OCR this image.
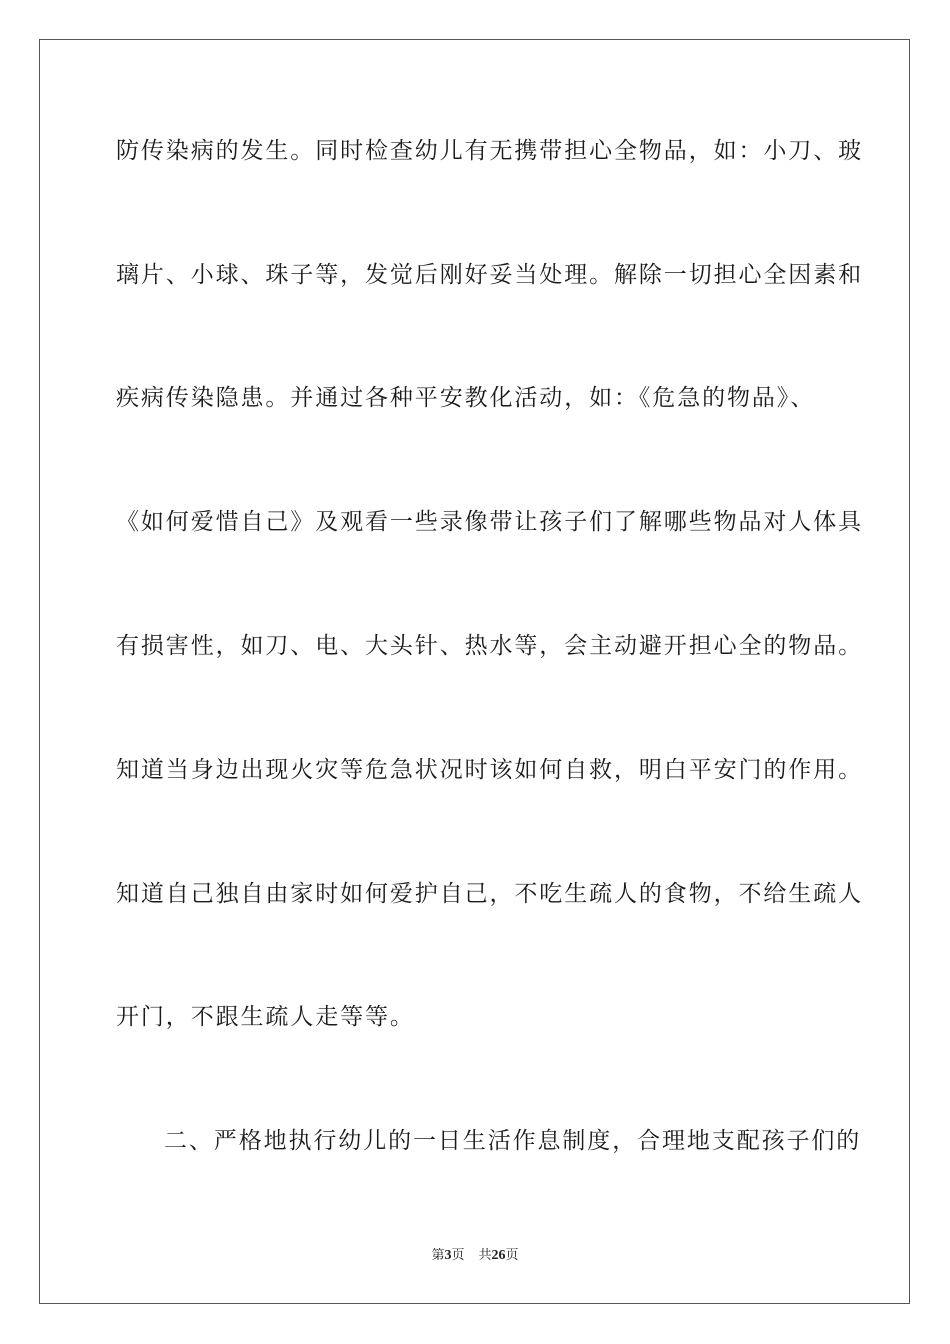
防传染病的发生。同时检查幼儿有无携带担心全物品，如：小刀、玻
璃片、小球、珠子等，发觉后刚好妥当处理。解除一切担心全因素和
疾病传染隐患。并通过各种平安教化活动，如：《危急的物品》、
《如何爱惜自己》及观看一些录像带让孩子们了解哪些物品对人体具
有损害性，如刀、电、大头针、热水等，会主动避开担心全的物品。
知道当身边出现火灾等危急状况时该如何自救，明白平安门的作用。
知道自己独自由家时如何爱护自己，不吃生疏人的食物，不给生疏人
开门，不跟生疏人走等等。
二、严格地执行幼儿的一日生活作息制度，合理地支配孩子们的
第3页 共26页
